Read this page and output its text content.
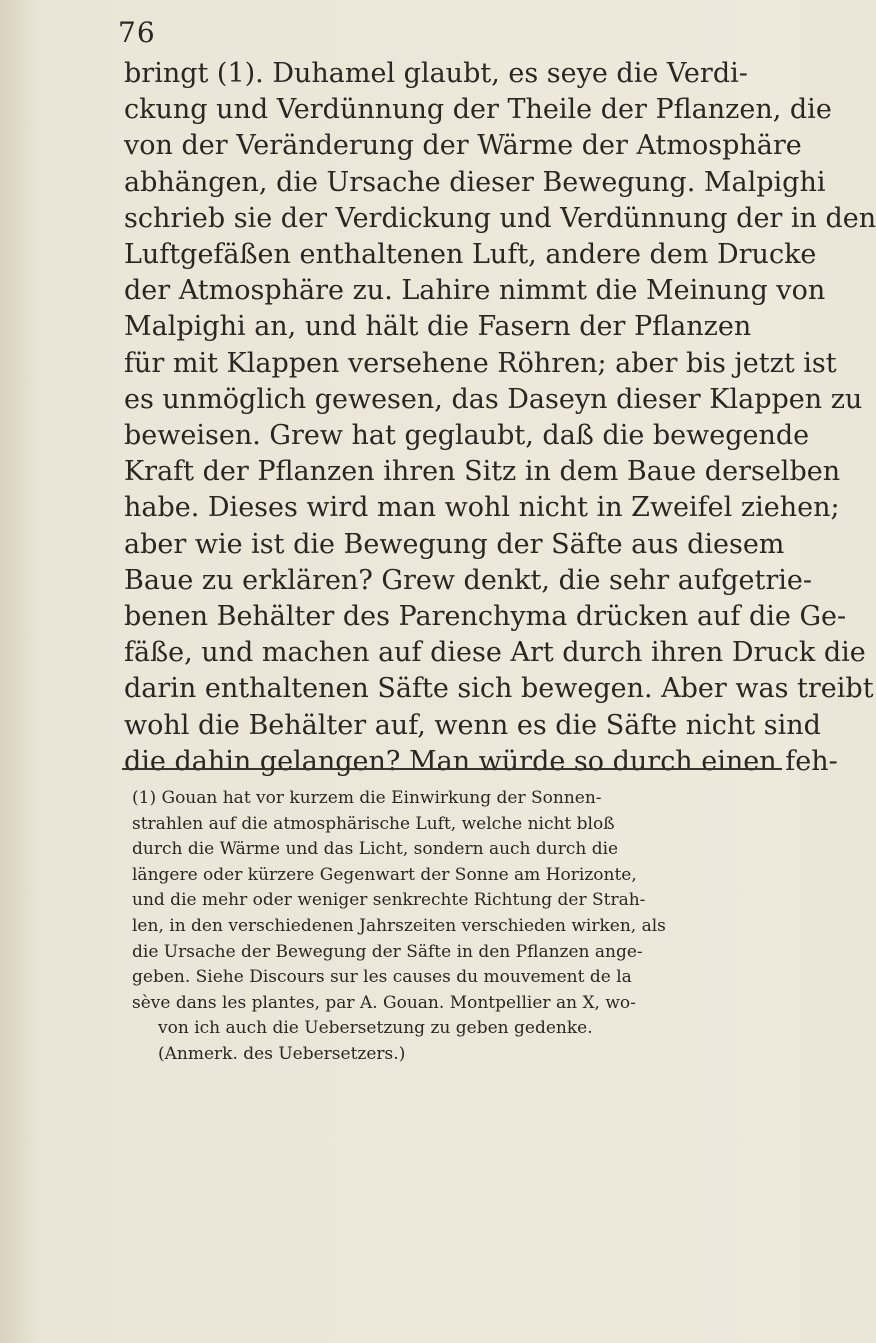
76
bringt (1). Duhamel glaubt, es seye die Verdi-
ckung und Verdünnung der Theile der Pflanzen, die
von der Veränderung der Wärme der Atmosphäre
abhängen, die Ursache dieser Bewegung. Malpighi
schrieb sie der Verdickung und Verdünnung der in den
Luftgefäßen enthaltenen Luft, andere dem Drucke
der Atmosphäre zu. Lahire nimmt die Meinung von
Malpighi an, und hält die Fasern der Pflanzen
für mit Klappen versehene Röhren; aber bis jetzt ist
es unmöglich gewesen, das Daseyn dieser Klappen zu
beweisen. Grew hat geglaubt, daß die bewegende
Kraft der Pflanzen ihren Sitz in dem Baue derselben
habe. Dieses wird man wohl nicht in Zweifel ziehen;
aber wie ist die Bewegung der Säfte aus diesem
Baue zu erklären? Grew denkt, die sehr aufgetrie-
benen Behälter des Parenchyma drücken auf die Ge-
fäße, und machen auf diese Art durch ihren Druck die
darin enthaltenen Säfte sich bewegen. Aber was treibt
wohl die Behälter auf, wenn es die Säfte nicht sind
die dahin gelangen? Man würde so durch einen feh-
(1) Gouan hat vor kurzem die Einwirkung der Sonnen-
strahlen auf die atmosphärische Luft, welche nicht bloß
durch die Wärme und das Licht, sondern auch durch die
längere oder kürzere Gegenwart der Sonne am Horizonte,
und die mehr oder weniger senkrechte Richtung der Strah-
len, in den verschiedenen Jahrszeiten verschieden wirken, als
die Ursache der Bewegung der Säfte in den Pflanzen ange-
geben. Siehe Discours sur les causes du mouvement de la
sève dans les plantes, par A. Gouan. Montpellier an X, wo-
von ich auch die Uebersetzung zu geben gedenke.
(Anmerk. des Uebersetzers.)
